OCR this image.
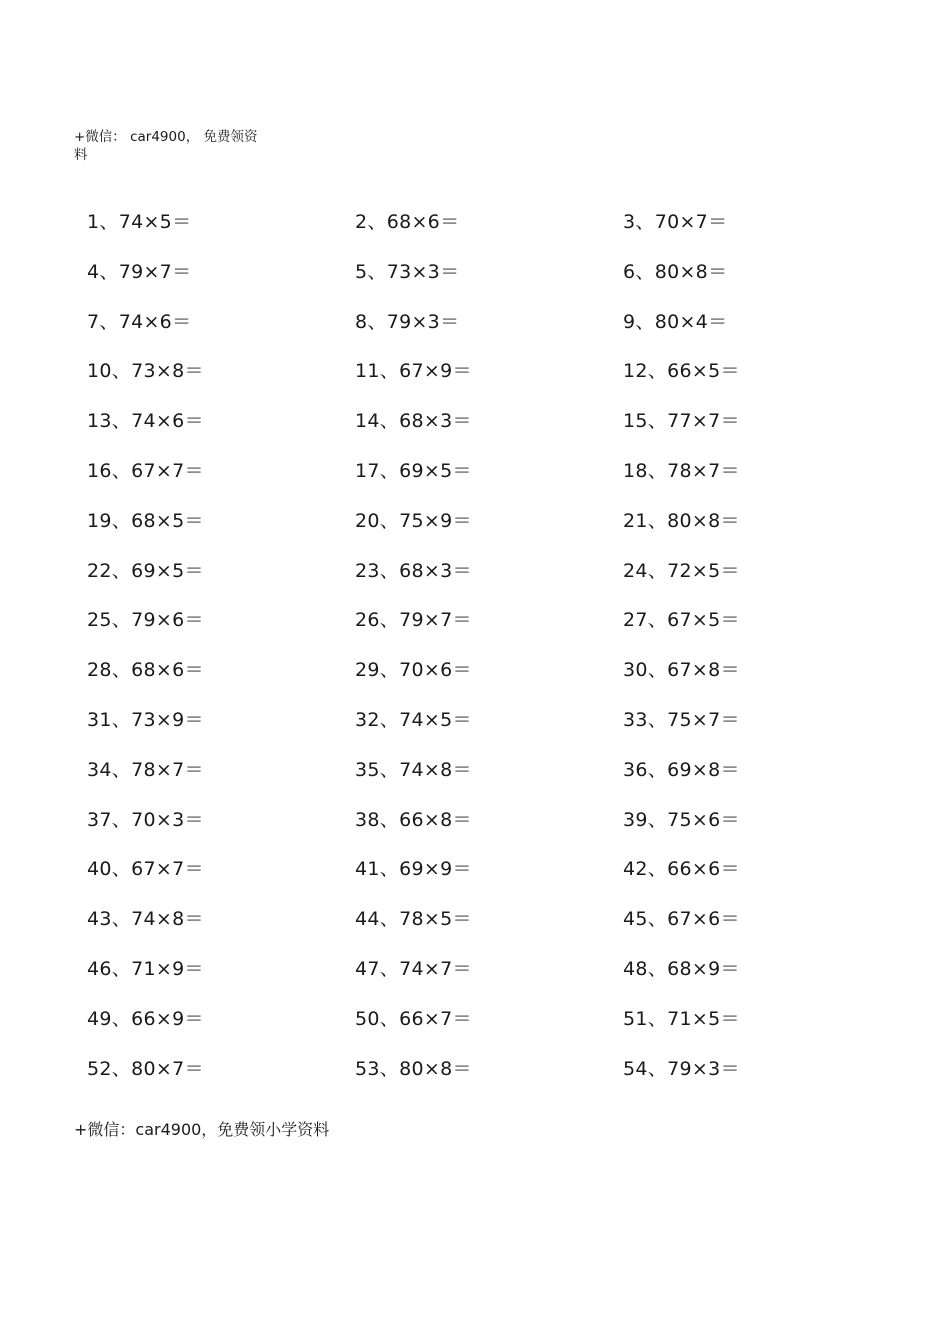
+微信： car4900， 免费领资
料
1、74×5＝	2、68×6＝	3、70×7＝
4、79×7＝	5、73×3＝	6、80×8＝
7、74×6＝	8、79×3＝	9、80×4＝
10、73×8＝	11、67×9＝	12、66×5＝
13、74×6＝	14、68×3＝	15、77×7＝
16、67×7＝	17、69×5＝	18、78×7＝
19、68×5＝	20、75×9＝	21、80×8＝
22、69×5＝	23、68×3＝	24、72×5＝
25、79×6＝	26、79×7＝	27、67×5＝
28、68×6＝	29、70×6＝	30、67×8＝
31、73×9＝	32、74×5＝	33、75×7＝
34、78×7＝	35、74×8＝	36、69×8＝
37、70×3＝	38、66×8＝	39、75×6＝
40、67×7＝	41、69×9＝	42、66×6＝
43、74×8＝	44、78×5＝	45、67×6＝
46、71×9＝	47、74×7＝	48、68×9＝
49、66×9＝	50、66×7＝	51、71×5＝
52、80×7＝	53、80×8＝	54、79×3＝
+微信：car4900，免费领小学资料
